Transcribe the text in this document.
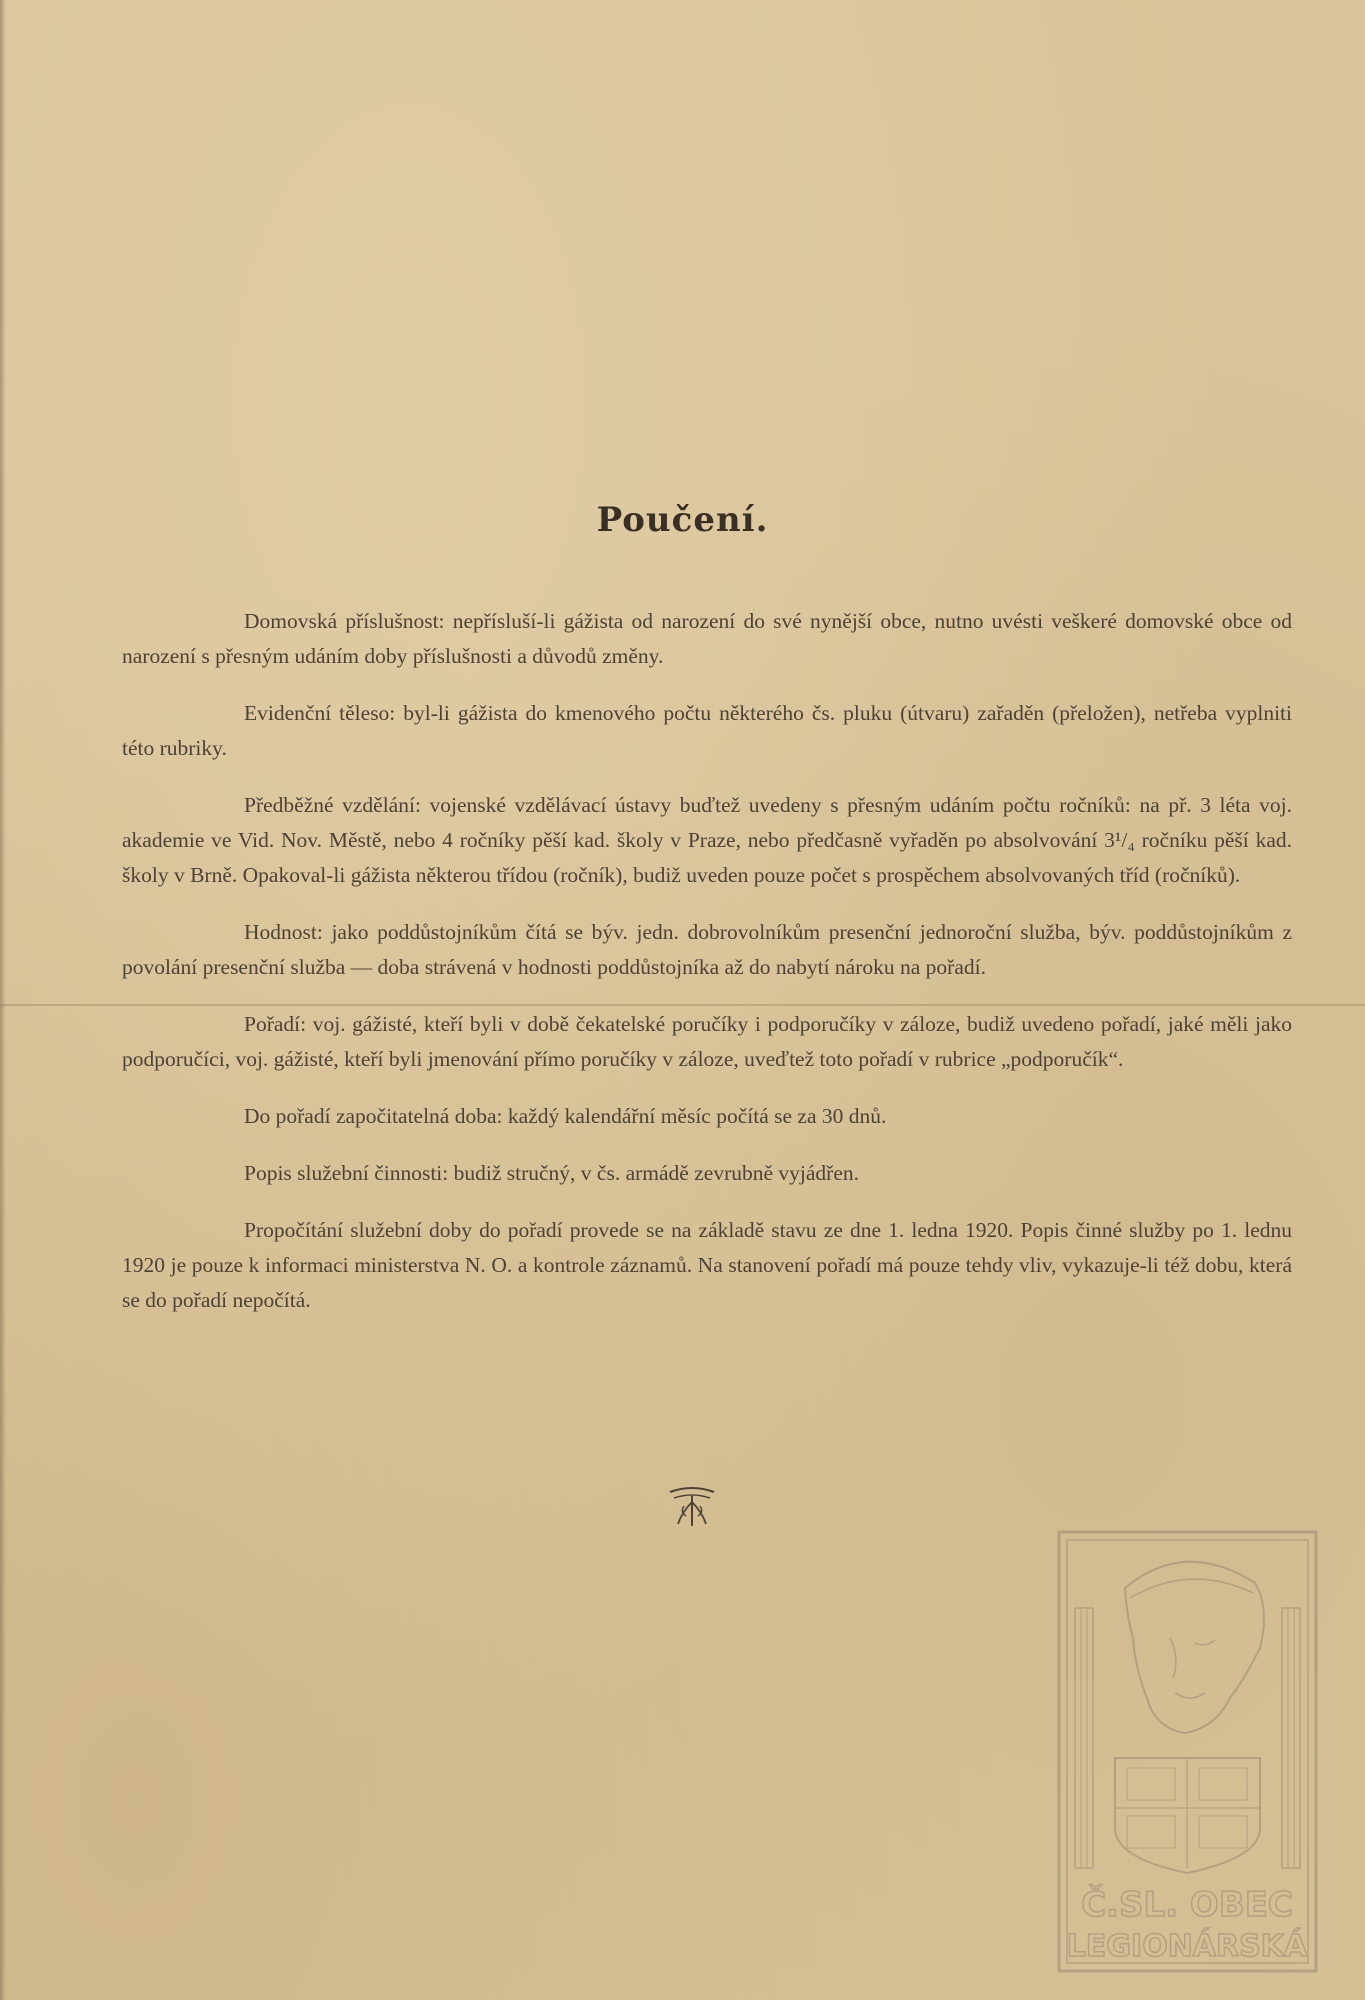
Poučení.

Domovská příslušnost: nepřísluší-li gážista od narození do své nynější obce, nutno uvésti veškeré domovské obce od narození s přesným udáním doby příslušnosti a důvodů změny.

Evidenční těleso: byl-li gážista do kmenového počtu některého čs. pluku (útvaru) zařaděn (přeložen), netřeba vyplniti této rubriky.

Předběžné vzdělání: vojenské vzdělávací ústavy buďtež uvedeny s přesným udáním počtu ročníků: na př. 3 léta voj. akademie ve Vid. Nov. Městě, nebo 4 ročníky pěší kad. školy v Praze, nebo předčasně vyřaděn po absolvování 3¹/₄ ročníku pěší kad. školy v Brně. Opakoval-li gážista některou třídou (ročník), budiž uveden pouze počet s prospěchem absolvovaných tříd (ročníků).

Hodnost: jako poddůstojníkům čítá se býv. jedn. dobrovolníkům presenční jednoroční služba, býv. poddůstojníkům z povolání presenční služba — doba strávená v hodnosti poddůstojníka až do nabytí nároku na pořadí.

Pořadí: voj. gážisté, kteří byli v době čekatelské poručíky i podporučíky v záloze, budiž uvedeno pořadí, jaké měli jako podporučíci, voj. gážisté, kteří byli jmenování přímo poručíky v záloze, uveďtež toto pořadí v rubrice „podporučík“.

Do pořadí započitatelná doba: každý kalendářní měsíc počítá se za 30 dnů.

Popis služební činnosti: budiž stručný, v čs. armádě zevrubně vyjádřen.

Propočítání služební doby do pořadí provede se na základě stavu ze dne 1. ledna 1920. Popis činné služby po 1. lednu 1920 je pouze k informaci ministerstva N. O. a kontrole záznamů. Na stanovení pořadí má pouze tehdy vliv, vykazuje-li též dobu, která se do pořadí nepočítá.

Č.SL. OBEC
LEGIONÁRSKÁ
